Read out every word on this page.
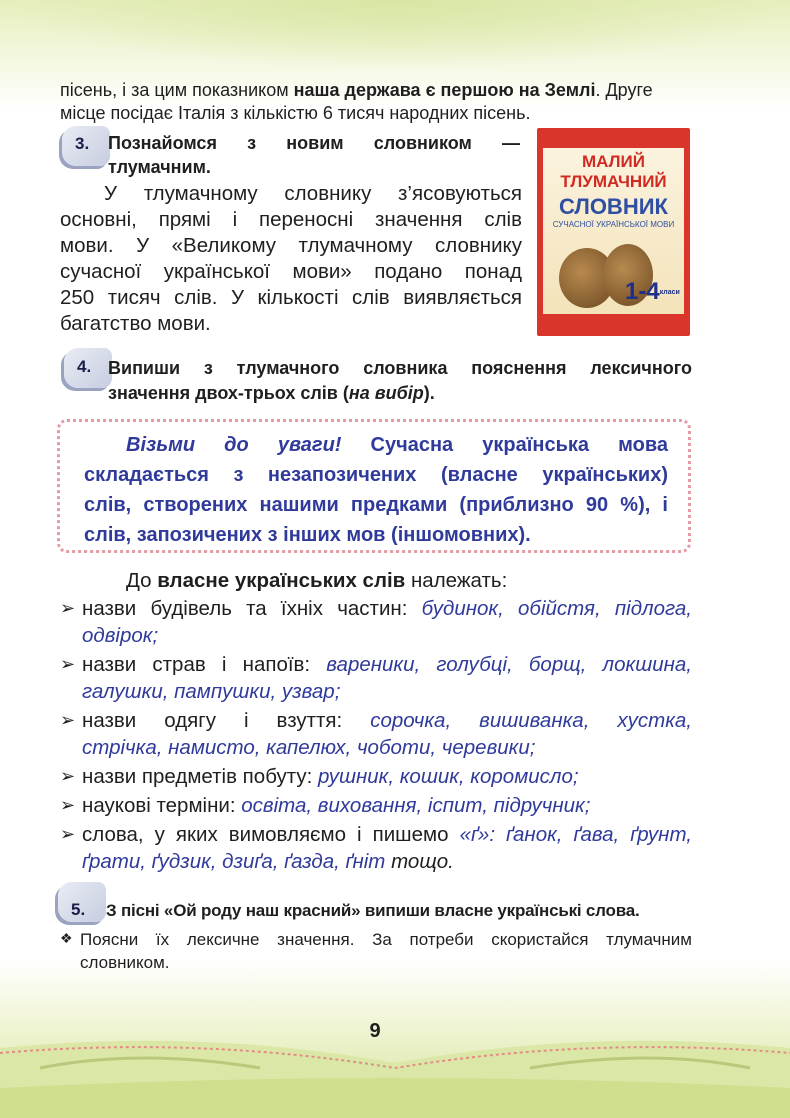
пісень, і за цим показником наша держава є першою на Землі. Друге

місце посідає Італія з кількістю 6 тисяч народних пісень.

3. Познайомся з новим словником —

тлумачним.

У тлумачному словнику з’ясовуються

основні, прямі і переносні значення слів

мови. У «Великому тлумачному словнику

сучасної української мови» подано понад

250 тисяч слів. У кількості слів виявляється

багатство мови.

МАЛИЙ
ТЛУМАЧНИЙ
СЛОВНИК
СУЧАСНОЇ УКРАЇНСЬКОЇ МОВИ
1-4класи
4. Випиши з тлумачного словника пояснення лексичного

значення двох-трьох слів (на вибір).

Візьми до уваги! Сучасна українська мова
складається з незапозичених (власне українських)
слів, створених нашими предками (приблизно 90 %), і
слів, запозичених з інших мов (іншомовних).

До власне українських слів належать:

➢ назви будівель та їхніх частин: будинок, обійстя, підлога,

одвірок;

➢ назви страв і напоїв: вареники, голубці, борщ, локшина,

галушки, пампушки, узвар;

➢ назви одягу і взуття: сорочка, вишиванка, хустка,

стрічка, намисто, капелюх, чоботи, черевики;

➢ назви предметів побуту: рушник, кошик, коромисло;

➢ наукові терміни: освіта, виховання, іспит, підручник;

➢ слова, у яких вимовляємо і пишемо «ґ»: ґанок, ґава, ґрунт,

ґрати, ґудзик, дзиґа, ґазда, ґніт тощо.

5. З пісні «Ой роду наш красний» випиши власне українські слова.

❖ Поясни їх лексичне значення. За потреби скористайся тлумачним

словником.

9
